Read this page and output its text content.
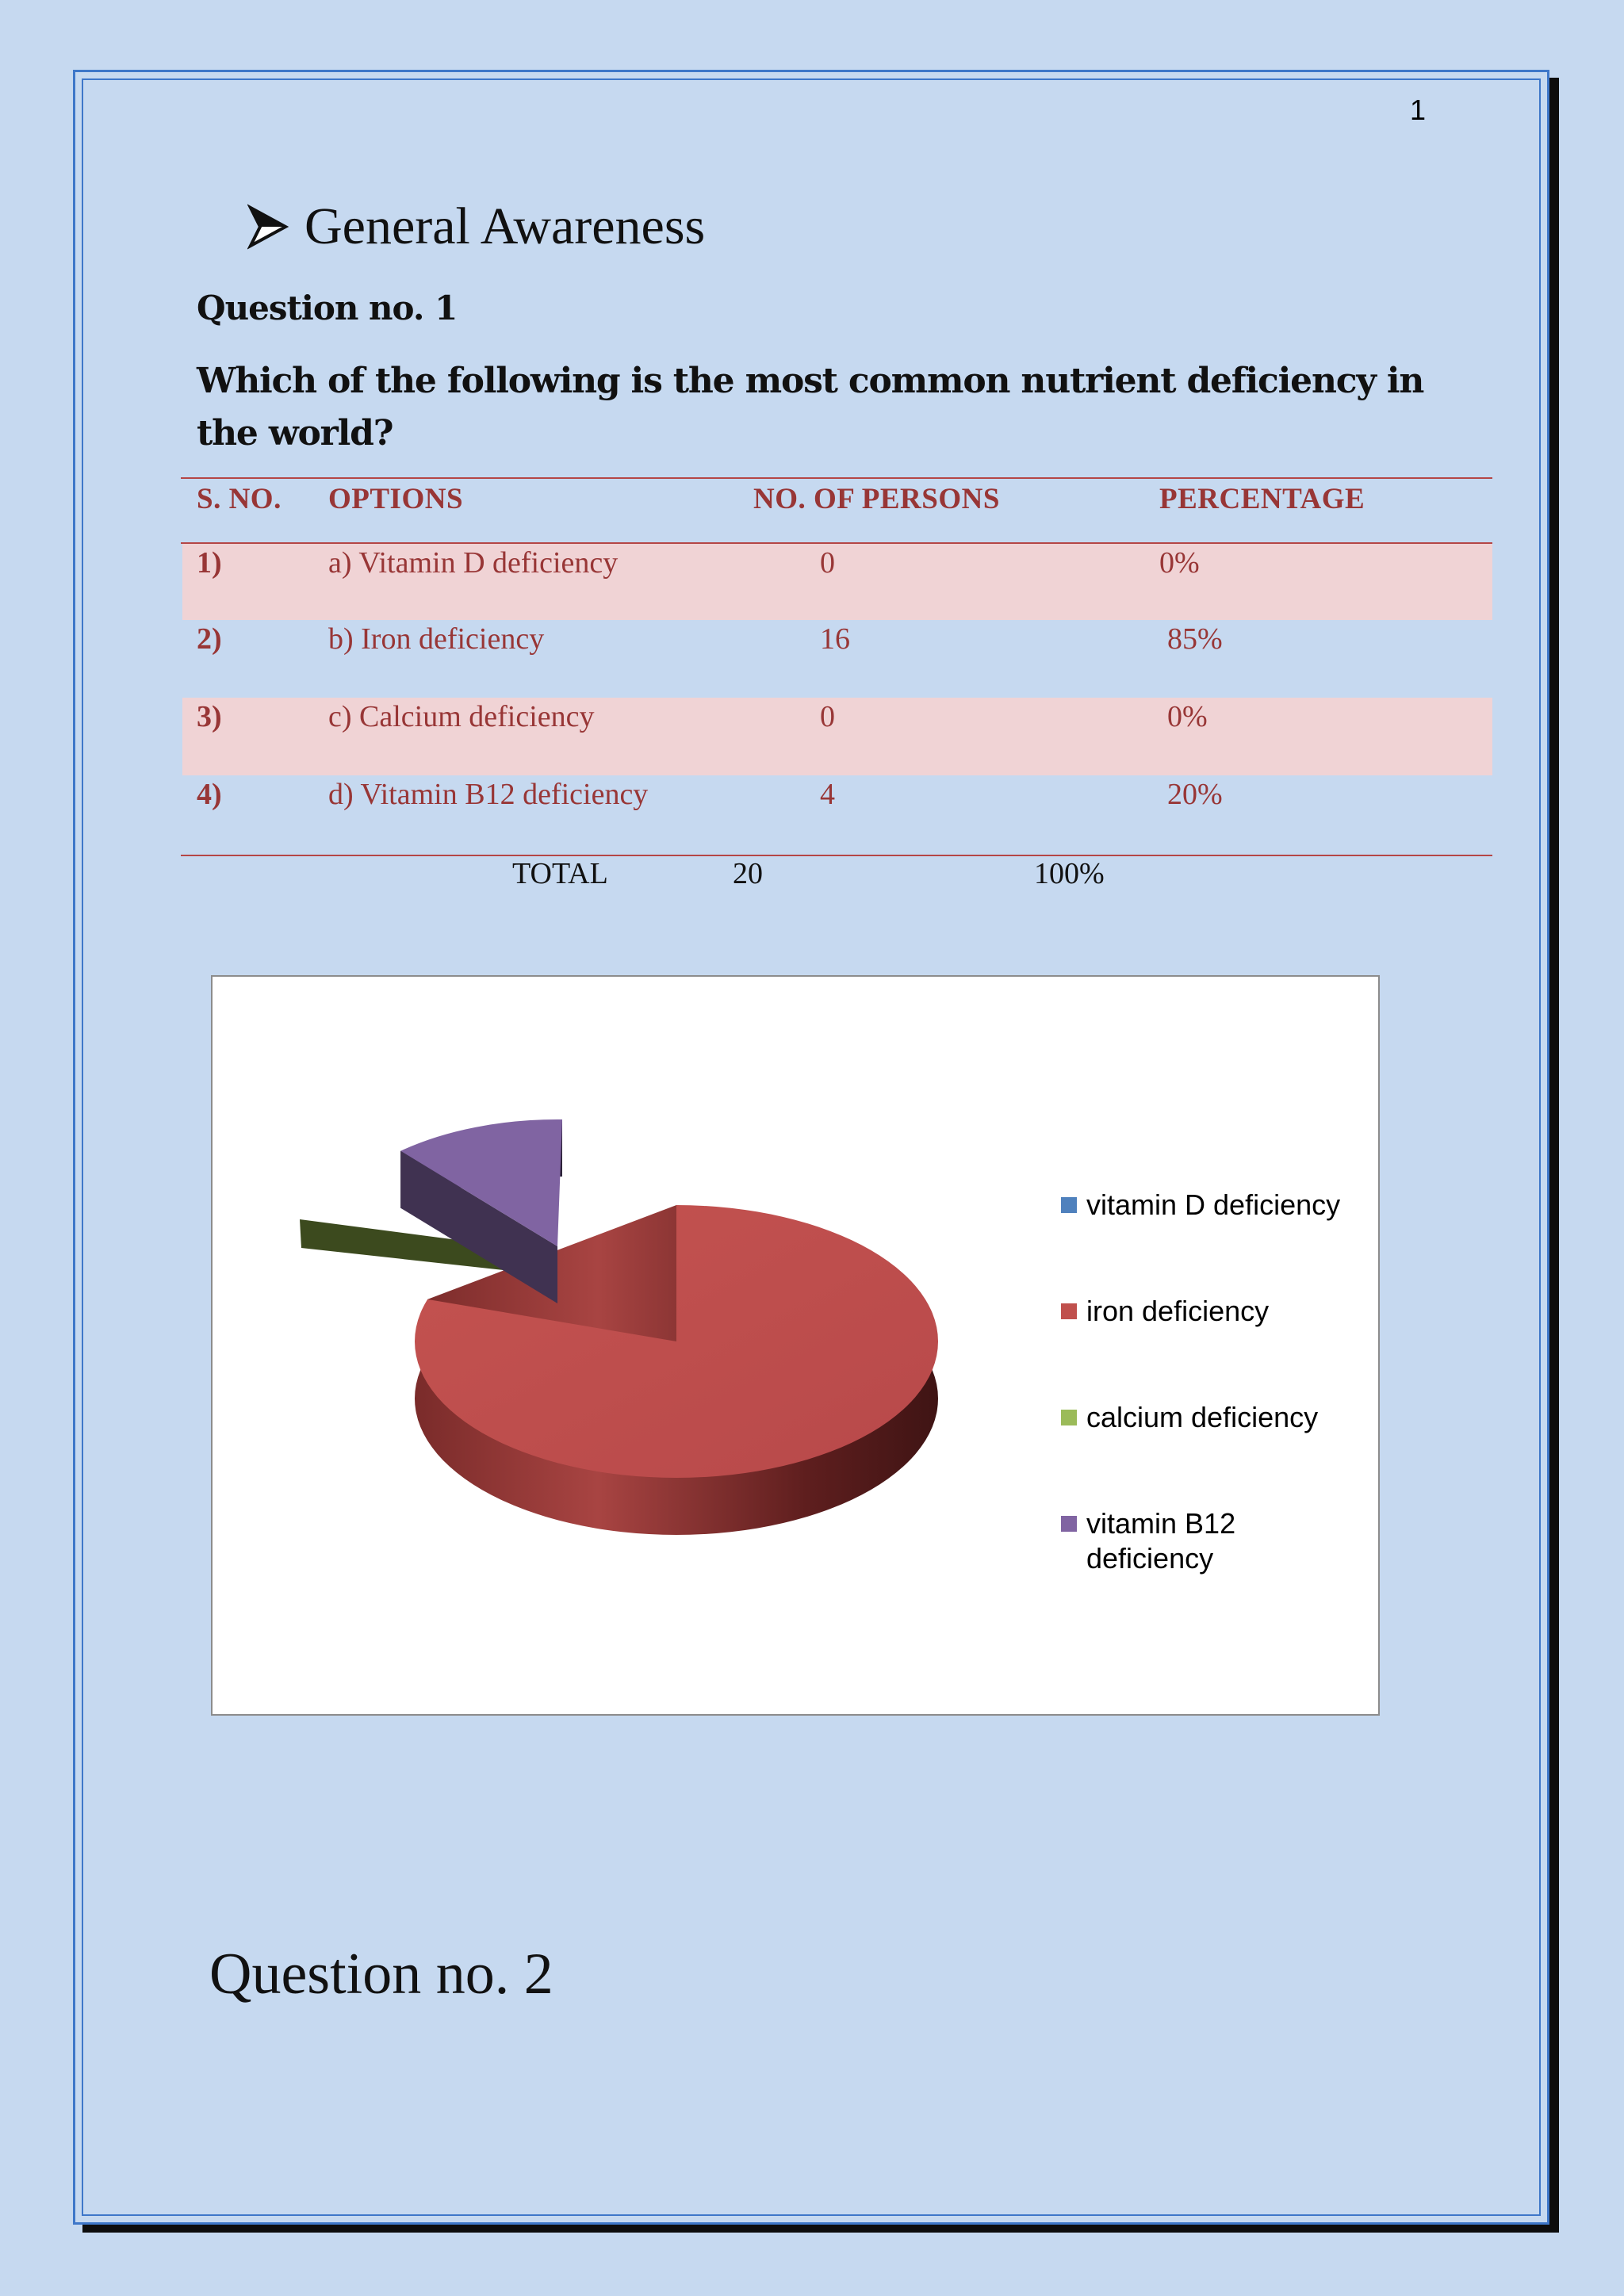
1
General Awareness
Question no. 1
Which of the following is the most common nutrient deficiency in the world?
S. NO. OPTIONS	NO. OF PERSONS	PERCENTAGE
1)	a) Vitamin D deficiency	0	0%
2)	b) Iron deficiency	16	85%
3)	c) Calcium deficiency	0	0%
4)	d) Vitamin B12 deficiency	4	20%
TOTAL	20	100%
vitamin D deficiency
iron deficiency
calcium deficiency
vitamin B12 deficiency
Question no. 2
